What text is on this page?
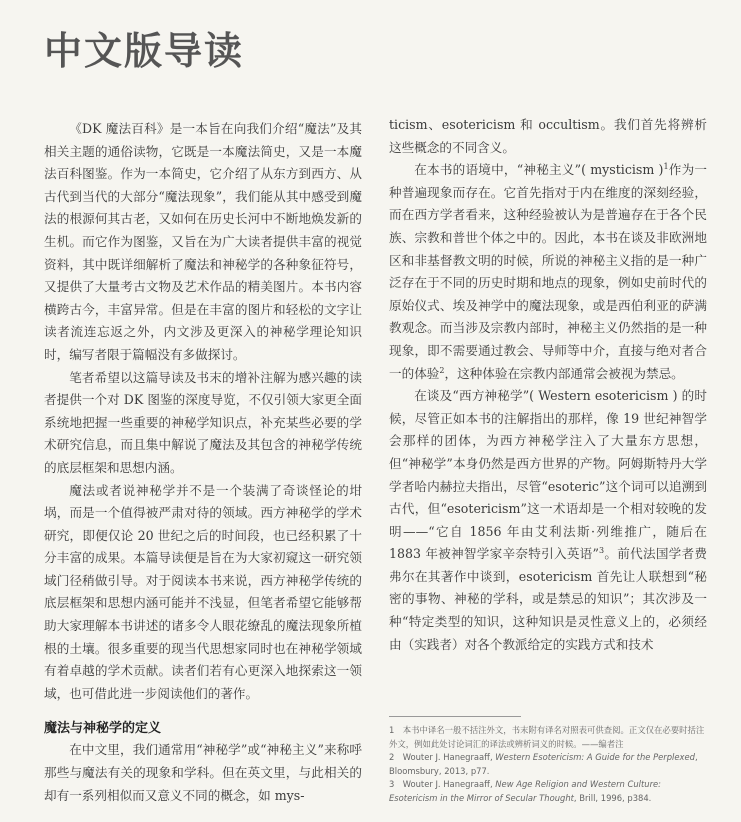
中文版导读

《DK 魔法百科》是一本旨在向我们介绍“魔法”及其相关主题的通俗读物，它既是一本魔法简史，又是一本魔法百科图鉴。作为一本简史，它介绍了从东方到西方、从古代到当代的大部分“魔法现象”，我们能从其中感受到魔法的根源何其古老，又如何在历史长河中不断地焕发新的生机。而它作为图鉴，又旨在为广大读者提供丰富的视觉资料，其中既详细解析了魔法和神秘学的各种象征符号，又提供了大量考古文物及艺术作品的精美图片。本书内容横跨古今，丰富异常。但是在丰富的图片和轻松的文字让读者流连忘返之外，内文涉及更深入的神秘学理论知识时，编写者限于篇幅没有多做探讨。

笔者希望以这篇导读及书末的增补注解为感兴趣的读者提供一个对 DK 图鉴的深度导览，不仅引领大家更全面系统地把握一些重要的神秘学知识点，补充某些必要的学术研究信息，而且集中解说了魔法及其包含的神秘学传统的底层框架和思想内涵。

魔法或者说神秘学并不是一个装满了奇谈怪论的坩埚，而是一个值得被严肃对待的领域。西方神秘学的学术研究，即便仅论 20 世纪之后的时间段，也已经积累了十分丰富的成果。本篇导读便是旨在为大家初窥这一研究领域门径稍做引导。对于阅读本书来说，西方神秘学传统的底层框架和思想内涵可能并不浅显，但笔者希望它能够帮助大家理解本书讲述的诸多令人眼花缭乱的魔法现象所植根的土壤。很多重要的现当代思想家同时也在神秘学领域有着卓越的学术贡献。读者们若有心更深入地探索这一领域，也可借此进一步阅读他们的著作。

魔法与神秘学的定义

在中文里，我们通常用“神秘学”或“神秘主义”来称呼那些与魔法有关的现象和学科。但在英文里，与此相关的却有一系列相似而又意义不同的概念，如 mys-

ticism、esotericism 和 occultism。我们首先将辨析这些概念的不同含义。

在本书的语境中，“神秘主义”( mysticism )$^1$作为一种普遍现象而存在。它首先指对于内在维度的深刻经验，而在西方学者看来，这种经验被认为是普遍存在于各个民族、宗教和普世个体之中的。因此，本书在谈及非欧洲地区和非基督教文明的时候，所说的神秘主义指的是一种广泛存在于不同的历史时期和地点的现象，例如史前时代的原始仪式、埃及神学中的魔法现象，或是西伯利亚的萨满教观念。而当涉及宗教内部时，神秘主义仍然指的是一种现象，即不需要通过教会、导师等中介，直接与绝对者合一的体验$^2$，这种体验在宗教内部通常会被视为禁忌。

在谈及“西方神秘学”( Western esotericism ) 的时候，尽管正如本书的注解指出的那样，像 19 世纪神智学会那样的团体，为西方神秘学注入了大量东方思想，但“神秘学”本身仍然是西方世界的产物。阿姆斯特丹大学学者哈内赫拉夫指出，尽管“esoteric”这个词可以追溯到古代，但“esotericism”这一术语却是一个相对较晚的发明——“它自 1856 年由艾利法斯·列维推广，随后在 1883 年被神智学家辛奈特引入英语”$^3$。前代法国学者费弗尔在其著作中谈到，esotericism 首先让人联想到“秘密的事物、神秘的学科，或是禁忌的知识”；其次涉及一种“特定类型的知识，这种知识是灵性意义上的，必须经由（实践者）对各个教派给定的实践方式和技术

1　本书中译名一般不括注外文，书末附有译名对照表可供查阅。正文仅在必要时括注外文，例如此处讨论词汇的译法或辨析词义的时候。——编者注

2　Wouter J. Hanegraaff, Western Esotericism: A Guide for the Perplexed, Bloomsbury, 2013, p77.

3　Wouter J. Hanegraaff, New Age Religion and Western Culture: Esotericism in the Mirror of Secular Thought, Brill, 1996, p384.
